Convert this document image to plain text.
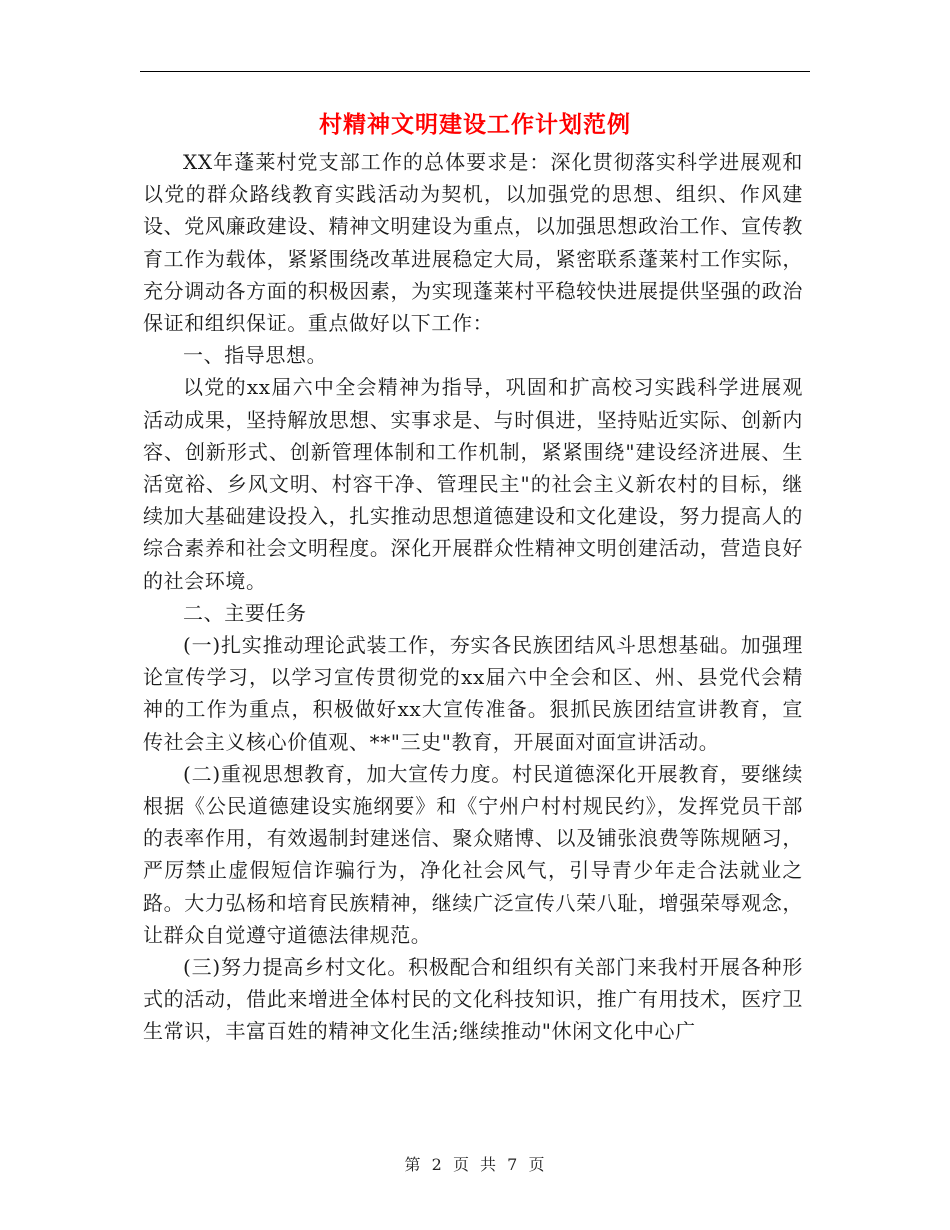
村精神文明建设工作计划范例

XX年蓬莱村党支部工作的总体要求是：深化贯彻落实科学进展观和以党的群众路线教育实践活动为契机，以加强党的思想、组织、作风建设、党风廉政建设、精神文明建设为重点，以加强思想政治工作、宣传教育工作为载体，紧紧围绕改革进展稳定大局，紧密联系蓬莱村工作实际，充分调动各方面的积极因素，为实现蓬莱村平稳较快进展提供坚强的政治保证和组织保证。重点做好以下工作：

一、指导思想。

以党的xx届六中全会精神为指导，巩固和扩高校习实践科学进展观活动成果，坚持解放思想、实事求是、与时俱进，坚持贴近实际、创新内容、创新形式、创新管理体制和工作机制，紧紧围绕"建设经济进展、生活宽裕、乡风文明、村容干净、管理民主"的社会主义新农村的目标，继续加大基础建设投入，扎实推动思想道德建设和文化建设，努力提高人的综合素养和社会文明程度。深化开展群众性精神文明创建活动，营造良好的社会环境。

二、主要任务

(一)扎实推动理论武装工作，夯实各民族团结风斗思想基础。加强理论宣传学习，以学习宣传贯彻党的xx届六中全会和区、州、县党代会精神的工作为重点，积极做好xx大宣传准备。狠抓民族团结宣讲教育，宣传社会主义核心价值观、**"三史"教育，开展面对面宣讲活动。

(二)重视思想教育，加大宣传力度。村民道德深化开展教育，要继续根据《公民道德建设实施纲要》和《宁州户村村规民约》，发挥党员干部的表率作用，有效遏制封建迷信、聚众赌博、以及铺张浪费等陈规陋习，严厉禁止虚假短信诈骗行为，净化社会风气，引导青少年走合法就业之路。大力弘杨和培育民族精神，继续广泛宣传八荣八耻，增强荣辱观念，让群众自觉遵守道德法律规范。

(三)努力提高乡村文化。积极配合和组织有关部门来我村开展各种形式的活动，借此来增进全体村民的文化科技知识，推广有用技术，医疗卫生常识，丰富百姓的精神文化生活;继续推动"休闲文化中心广

第 2 页 共 7 页
